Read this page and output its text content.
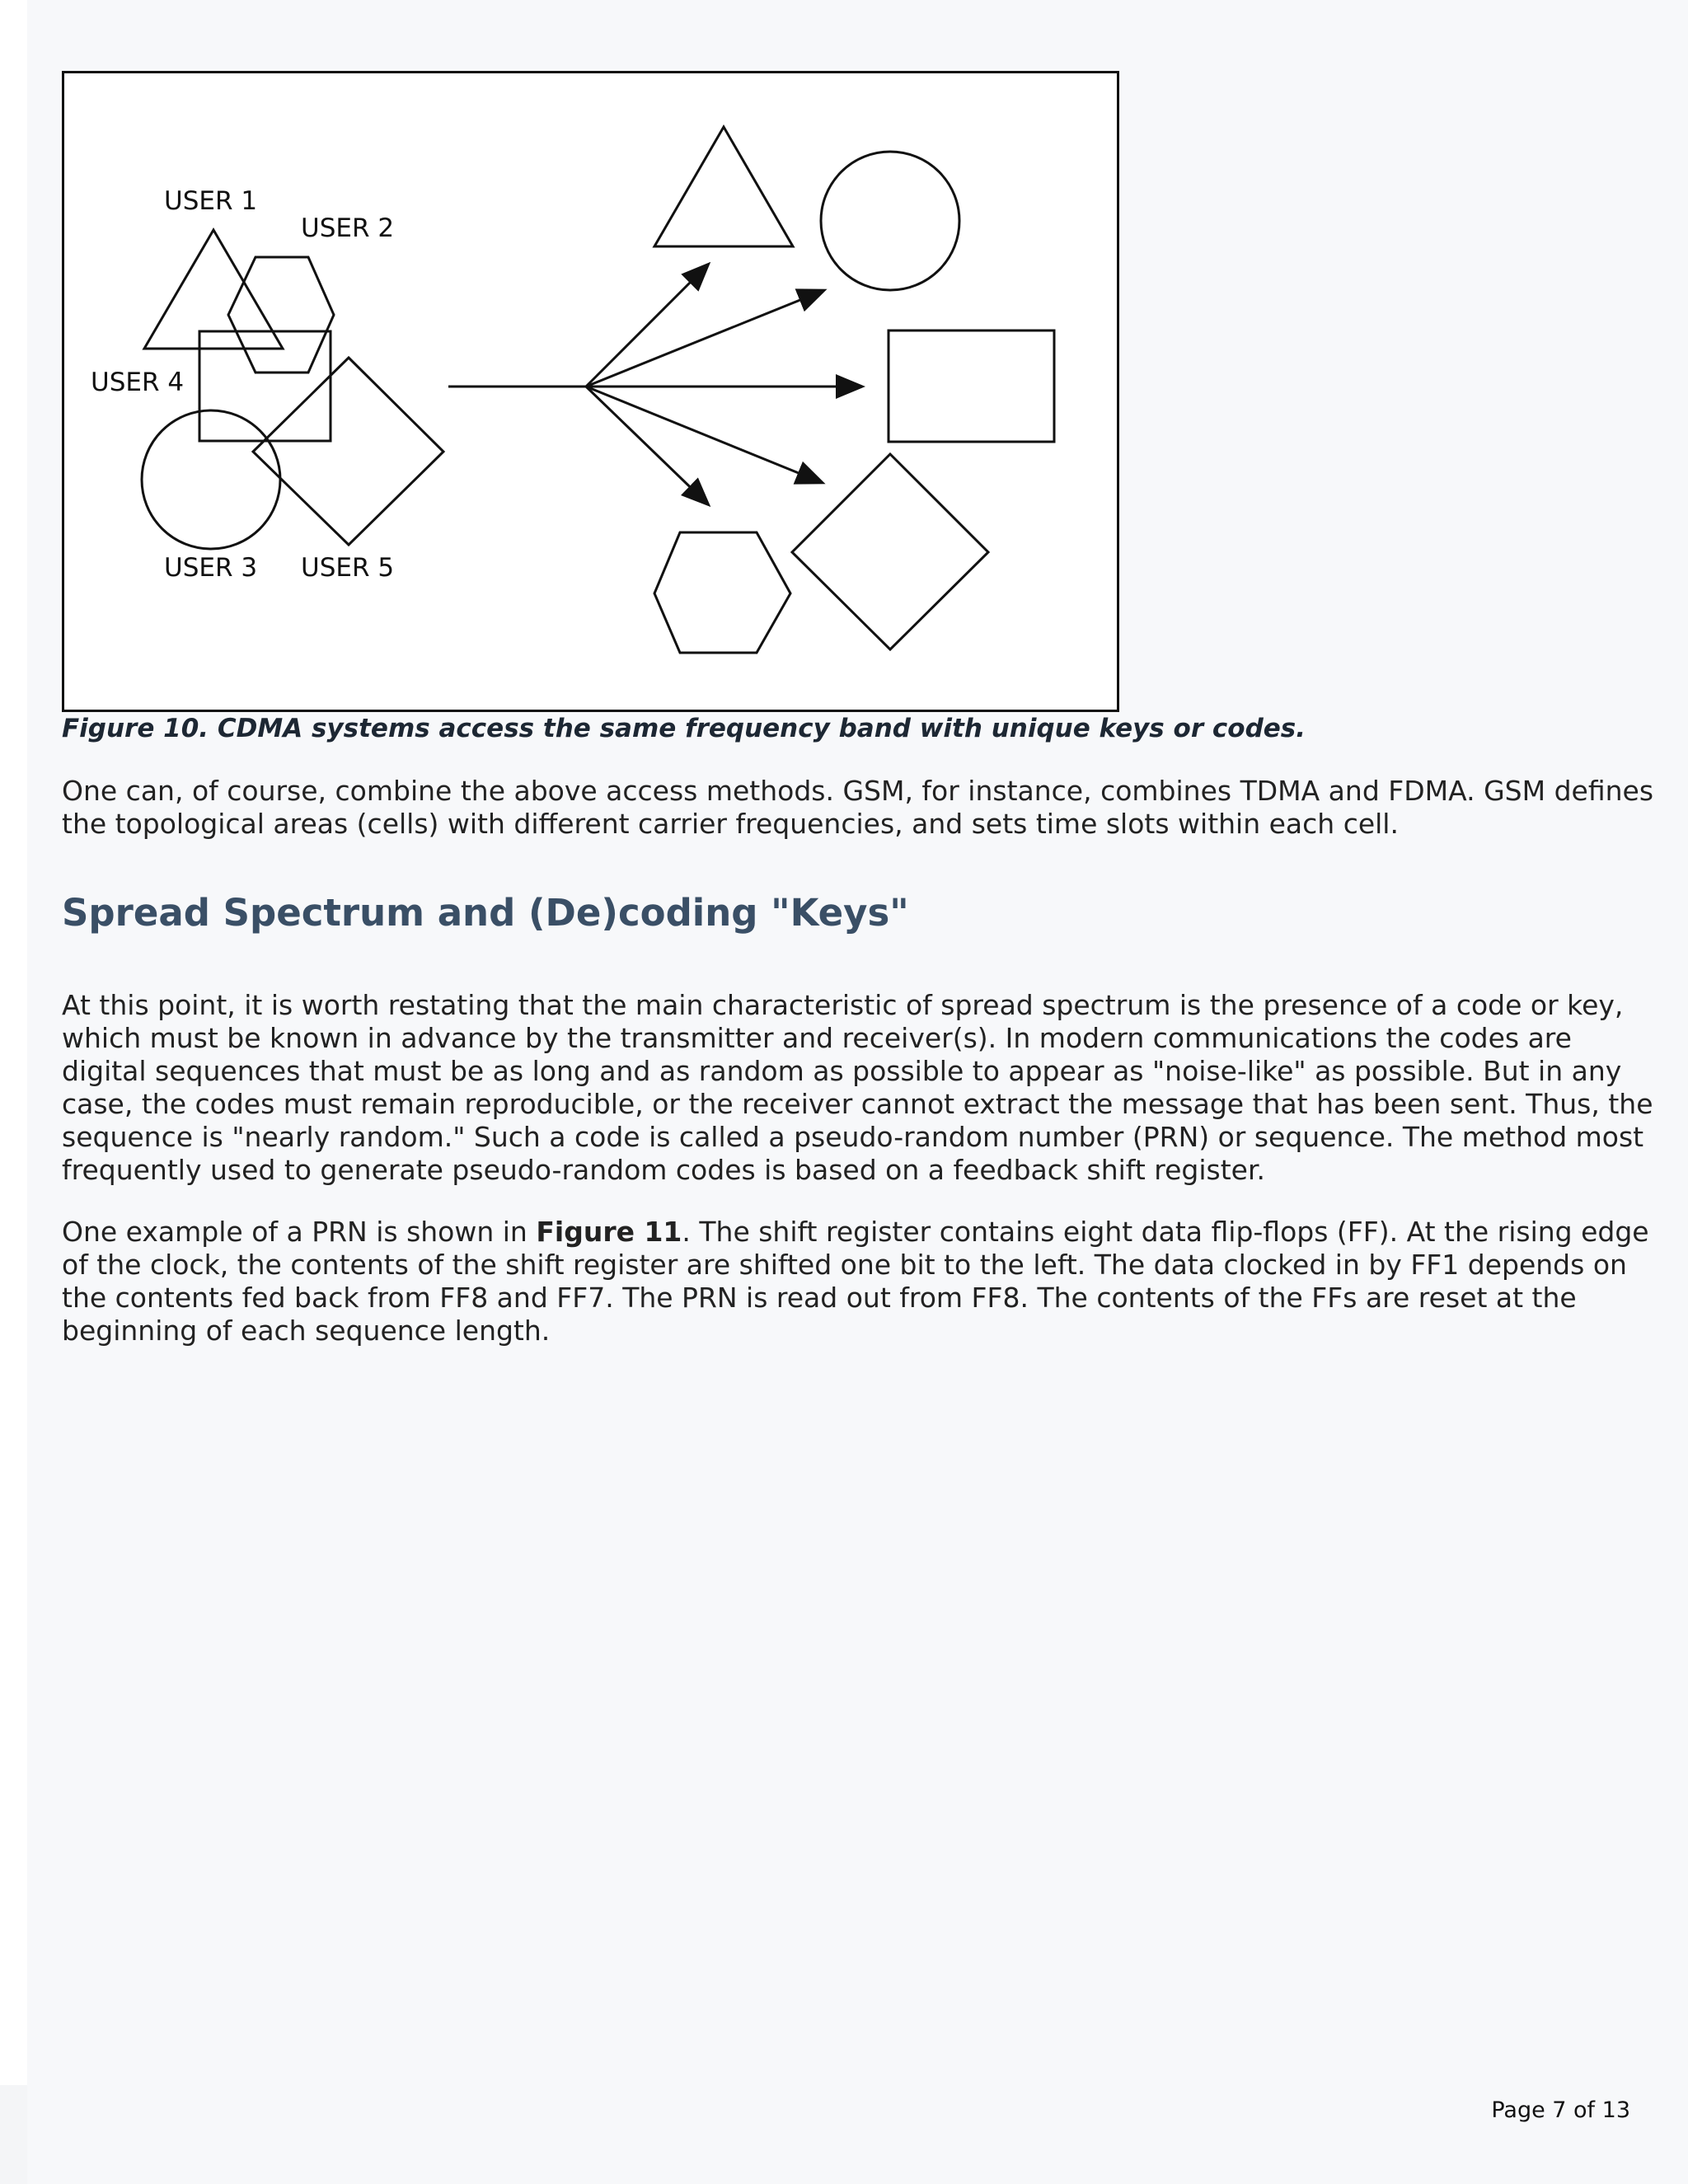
USER 1
USER 2
USER 4
USER 3 USER 5

Figure 10. CDMA systems access the same frequency band with unique keys or codes.

One can, of course, combine the above access methods. GSM, for instance, combines TDMA and FDMA. GSM defines the topological areas (cells) with different carrier frequencies, and sets time slots within each cell.

Spread Spectrum and (De)coding "Keys"

At this point, it is worth restating that the main characteristic of spread spectrum is the presence of a code or key, which must be known in advance by the transmitter and receiver(s). In modern communications the codes are digital sequences that must be as long and as random as possible to appear as "noise-like" as possible. But in any case, the codes must remain reproducible, or the receiver cannot extract the message that has been sent. Thus, the sequence is "nearly random." Such a code is called a pseudo-random number (PRN) or sequence. The method most frequently used to generate pseudo-random codes is based on a feedback shift register.

One example of a PRN is shown in Figure 11. The shift register contains eight data flip-flops (FF). At the rising edge of the clock, the contents of the shift register are shifted one bit to the left. The data clocked in by FF1 depends on the contents fed back from FF8 and FF7. The PRN is read out from FF8. The contents of the FFs are reset at the beginning of each sequence length.

Page 7 of 13
